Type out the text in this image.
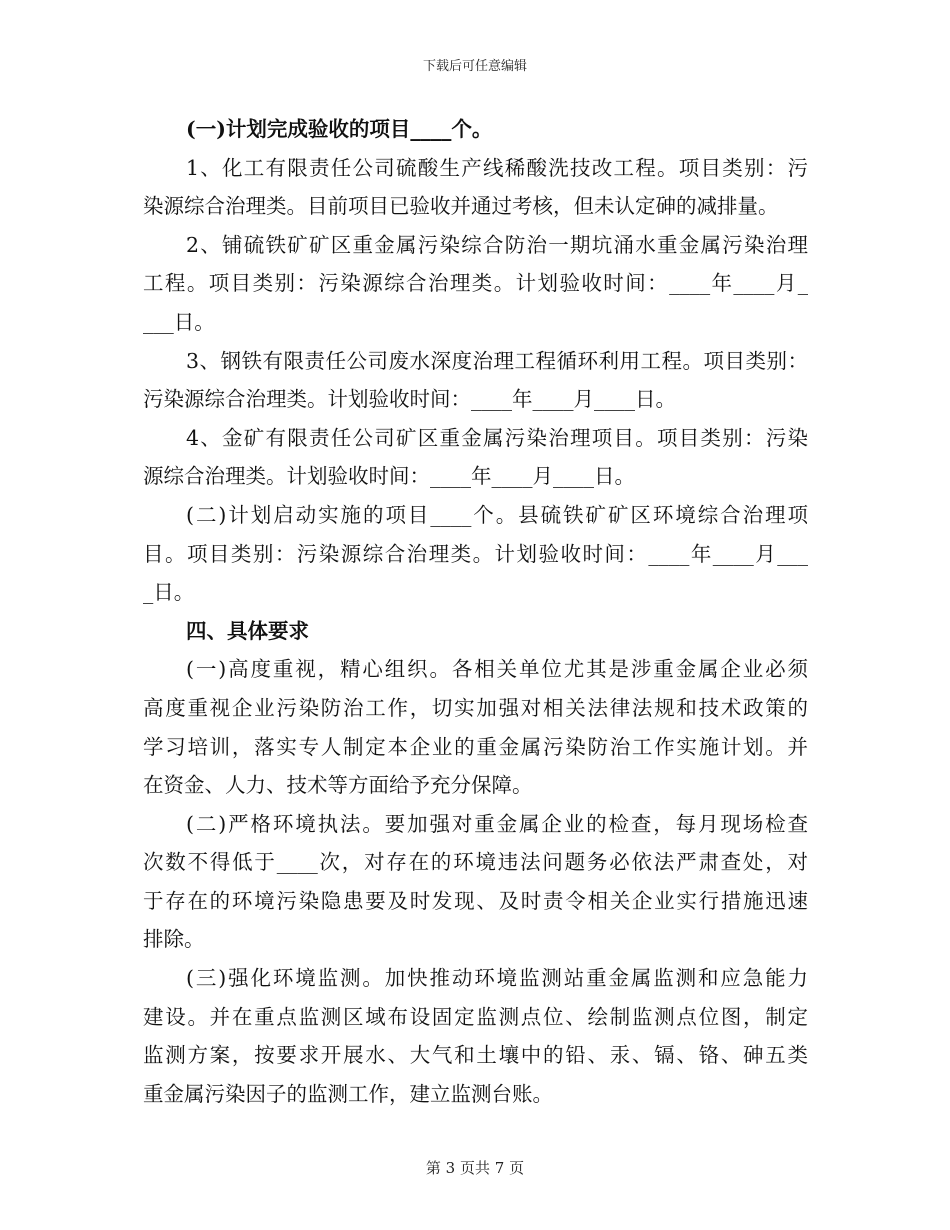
下载后可任意编辑
(一)计划完成验收的项目____个。
1、化工有限责任公司硫酸生产线稀酸洗技改工程。项目类别：污
染源综合治理类。目前项目已验收并通过考核，但未认定砷的减排量。
2、铺硫铁矿矿区重金属污染综合防治一期坑涌水重金属污染治理
工程。项目类别：污染源综合治理类。计划验收时间：____年____月_
___日。
3、钢铁有限责任公司废水深度治理工程循环利用工程。项目类别：
污染源综合治理类。计划验收时间：____年____月____日。
4、金矿有限责任公司矿区重金属污染治理项目。项目类别：污染
源综合治理类。计划验收时间：____年____月____日。
(二)计划启动实施的项目____个。县硫铁矿矿区环境综合治理项
目。项目类别：污染源综合治理类。计划验收时间：____年____月___
_日。
四、具体要求
(一)高度重视，精心组织。各相关单位尤其是涉重金属企业必须
高度重视企业污染防治工作，切实加强对相关法律法规和技术政策的
学习培训，落实专人制定本企业的重金属污染防治工作实施计划。并
在资金、人力、技术等方面给予充分保障。
(二)严格环境执法。要加强对重金属企业的检查，每月现场检查
次数不得低于____次，对存在的环境违法问题务必依法严肃查处，对
于存在的环境污染隐患要及时发现、及时责令相关企业实行措施迅速
排除。
(三)强化环境监测。加快推动环境监测站重金属监测和应急能力
建设。并在重点监测区域布设固定监测点位、绘制监测点位图，制定
监测方案，按要求开展水、大气和土壤中的铅、汞、镉、铬、砷五类
重金属污染因子的监测工作，建立监测台账。
第 3 页共 7 页
